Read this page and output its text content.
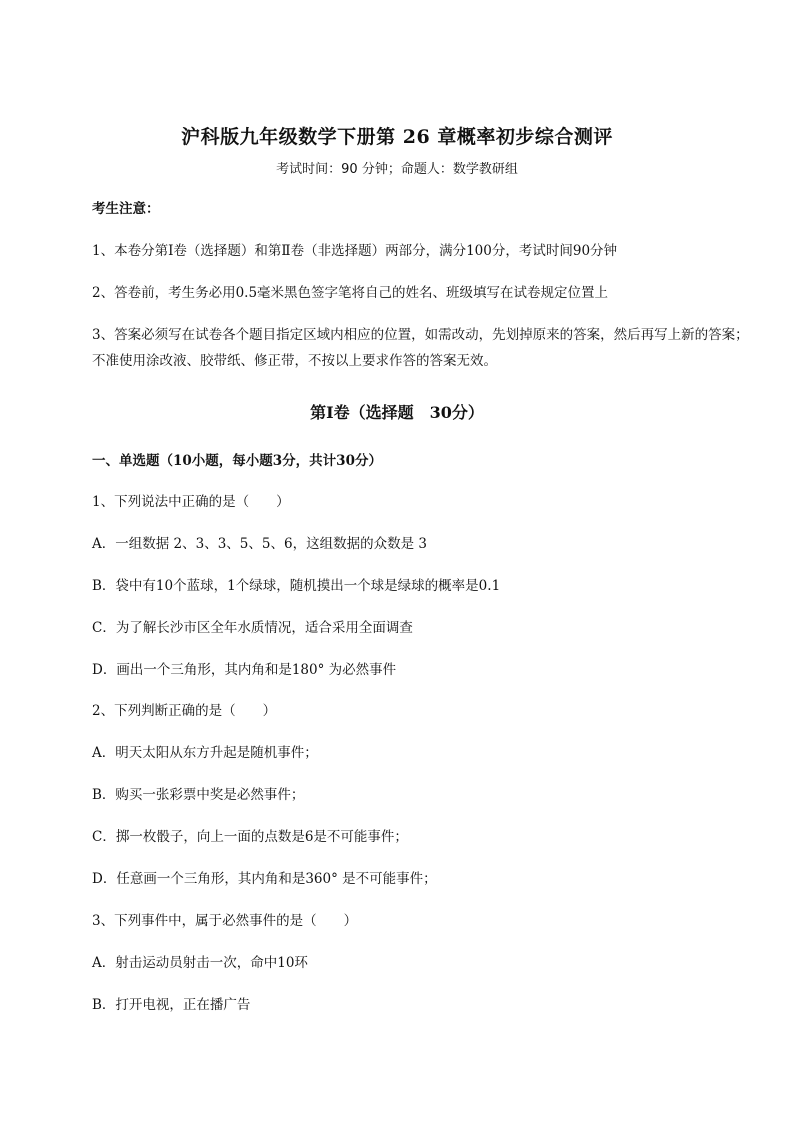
沪科版九年级数学下册第 26 章概率初步综合测评
考试时间：90 分钟；命题人：数学教研组
考生注意：
1、本卷分第Ⅰ卷（选择题）和第Ⅱ卷（非选择题）两部分，满分100分，考试时间90分钟
2、答卷前，考生务必用0.5毫米黑色签字笔将自己的姓名、班级填写在试卷规定位置上
3、答案必须写在试卷各个题目指定区域内相应的位置，如需改动，先划掉原来的答案，然后再写上新的答案；不准使用涂改液、胶带纸、修正带，不按以上要求作答的答案无效。
第Ⅰ卷（选择题　30分）
一、单选题（10小题，每小题3分，共计30分）
1、下列说法中正确的是（　　）
A．一组数据 2、3、3、5、5、6，这组数据的众数是 3
B．袋中有10个蓝球，1个绿球，随机摸出一个球是绿球的概率是0.1
C．为了解长沙市区全年水质情况，适合采用全面调查
D．画出一个三角形，其内角和是180° 为必然事件
2、下列判断正确的是（　　）
A．明天太阳从东方升起是随机事件；
B．购买一张彩票中奖是必然事件；
C．掷一枚骰子，向上一面的点数是6是不可能事件；
D．任意画一个三角形，其内角和是360° 是不可能事件；
3、下列事件中，属于必然事件的是（　　）
A．射击运动员射击一次，命中10环
B．打开电视，正在播广告
